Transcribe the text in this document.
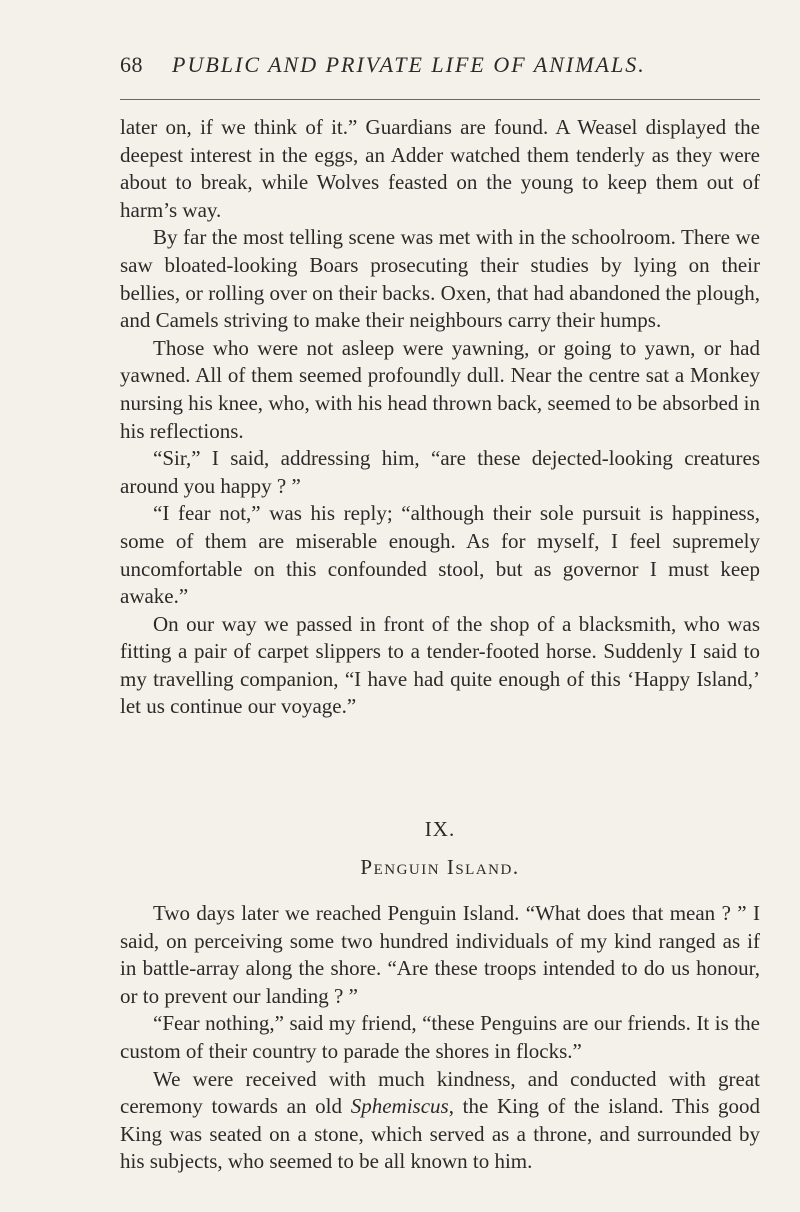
68 PUBLIC AND PRIVATE LIFE OF ANIMALS.

later on, if we think of it.” Guardians are found. A Weasel displayed the deepest interest in the eggs, an Adder watched them tenderly as they were about to break, while Wolves feasted on the young to keep them out of harm’s way.

By far the most telling scene was met with in the schoolroom. There we saw bloated-looking Boars prosecuting their studies by lying on their bellies, or rolling over on their backs. Oxen, that had abandoned the plough, and Camels striving to make their neighbours carry their humps.

Those who were not asleep were yawning, or going to yawn, or had yawned. All of them seemed profoundly dull. Near the centre sat a Monkey nursing his knee, who, with his head thrown back, seemed to be absorbed in his reflections.

“Sir,” I said, addressing him, “are these dejected-looking creatures around you happy ? ”

“I fear not,” was his reply; “although their sole pursuit is happiness, some of them are miserable enough. As for myself, I feel supremely uncomfortable on this confounded stool, but as governor I must keep awake.”

On our way we passed in front of the shop of a blacksmith, who was fitting a pair of carpet slippers to a tender-footed horse. Suddenly I said to my travelling companion, “I have had quite enough of this ‘Happy Island,’ let us continue our voyage.”

IX.
Penguin Island.

Two days later we reached Penguin Island. “What does that mean ? ” I said, on perceiving some two hundred individuals of my kind ranged as if in battle-array along the shore. “Are these troops intended to do us honour, or to prevent our landing ? ”

“Fear nothing,” said my friend, “these Penguins are our friends. It is the custom of their country to parade the shores in flocks.”

We were received with much kindness, and conducted with great ceremony towards an old Sphemiscus, the King of the island. This good King was seated on a stone, which served as a throne, and surrounded by his subjects, who seemed to be all known to him.
